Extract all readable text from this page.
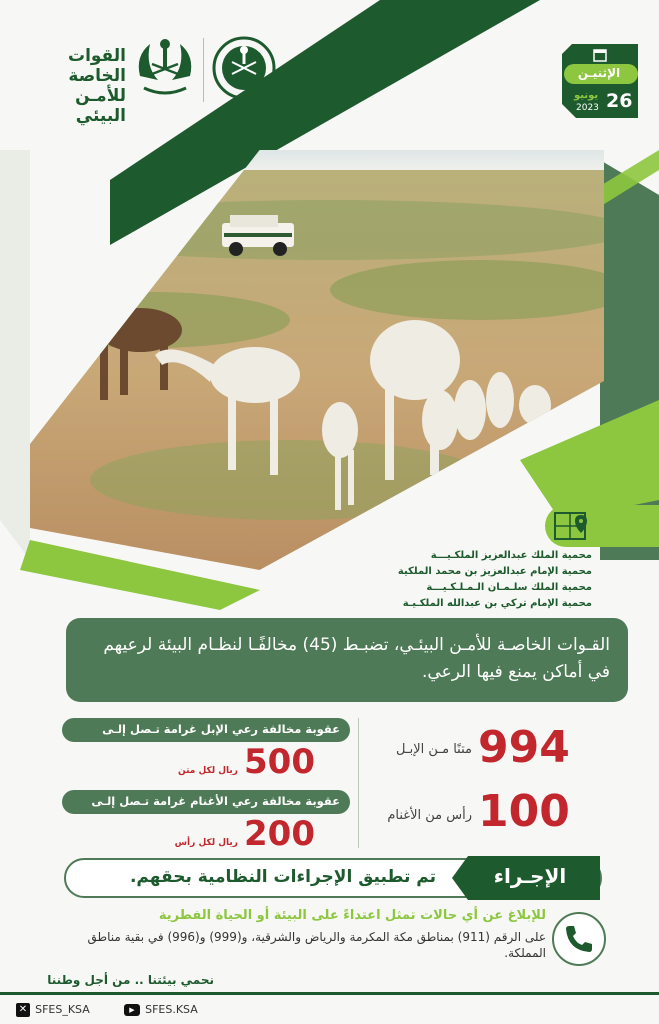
القوات الخاصة
للأمـن البيئي
الإثنيـن
26
يونيو
2023
محمية الملك عبدالعزيز الملكـيـــة
محمية الإمام عبدالعزيز بن محمد الملكية
محمية الملك سلـمـان الـمـلـكـيـــة
محمية الإمام تركي بن عبدالله الملكـيـة
القـوات الخاصـة للأمـن البيئـي، تضبـط (45) مخالفًـا لنظـام البيئة لرعيهم في أماكن يمنع فيها الرعي.
994
متنًا مـن الإبـل
100
رأس من الأغنام
عقوبة مخالفة رعي الإبل غرامة تـصل إلـى
500
ريال لكل متن
عقوبة مخالفة رعي الأغنام غرامة تـصل إلـى
200
ريال لكل رأس
تم تطبيق الإجراءات النظامية بحقهم.	الإجـراء
للإبلاغ عن أي حالات تمثل اعتداءً على البيئة أو الحياة الفطرية
على الرقم (911) بمناطق مكة المكرمة والرياض والشرقية، و(999) و(996) في بقية مناطق المملكة.
نحمي بيئتنا .. من أجل وطننا
✕ SFES_KSA	▶ SFES.KSA
